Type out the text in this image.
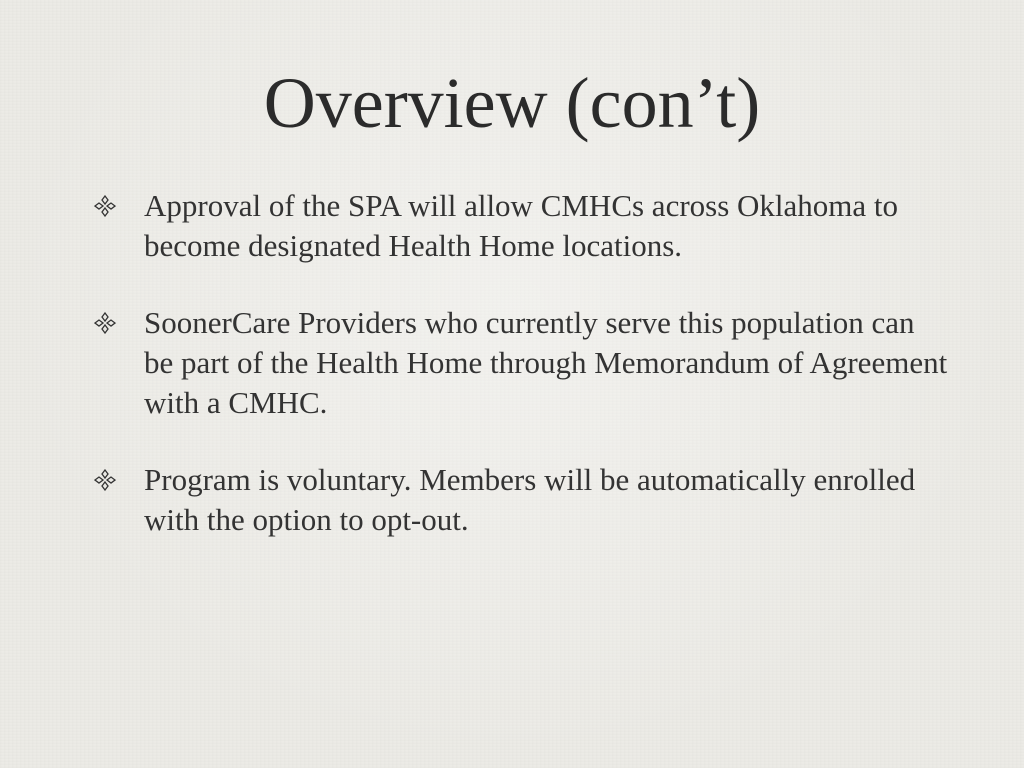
Overview (con’t)
Approval of the SPA will allow CMHCs across Oklahoma to become designated Health Home locations.
SoonerCare Providers who currently serve this population can be part of the Health Home through Memorandum of Agreement with a CMHC.
Program is voluntary. Members will be automatically enrolled with the option to opt-out.
